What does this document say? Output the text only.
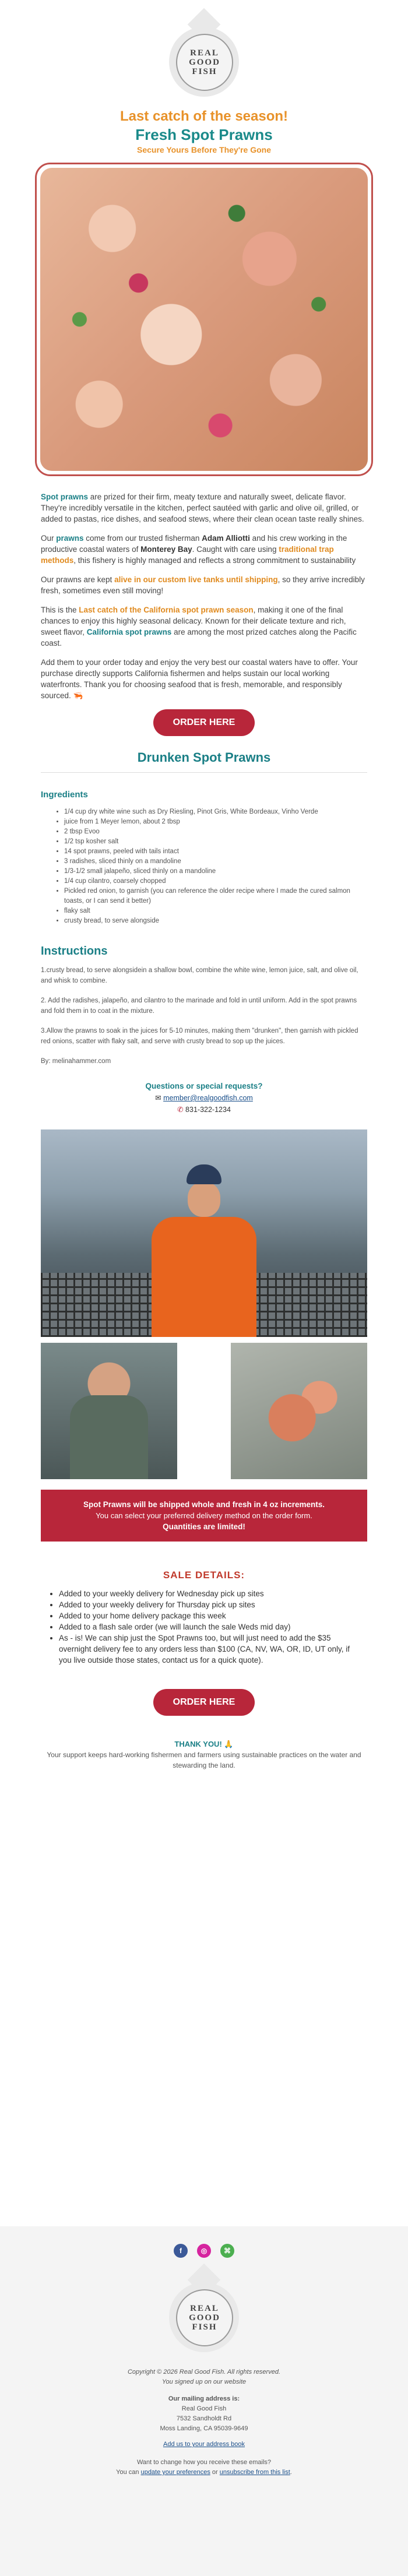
REAL
GOOD
FISH
Last catch of the season!
Fresh Spot Prawns
Secure Yours Before They're Gone

Spot prawns are prized for their firm, meaty texture and naturally sweet, delicate flavor. They're incredibly versatile in the kitchen, perfect sautéed with garlic and olive oil, grilled, or added to pastas, rice dishes, and seafood stews, where their clean ocean taste really shines.

Our prawns come from our trusted fisherman Adam Alliotti and his crew working in the productive coastal waters of Monterey Bay. Caught with care using traditional trap methods, this fishery is highly managed and reflects a strong commitment to sustainability

Our prawns are kept alive in our custom live tanks until shipping, so they arrive incredibly fresh, sometimes even still moving!

This is the Last catch of the California spot prawn season, making it one of the final chances to enjoy this highly seasonal delicacy. Known for their delicate texture and rich, sweet flavor, California spot prawns are among the most prized catches along the Pacific coast.

Add them to your order today and enjoy the very best our coastal waters have to offer. Your purchase directly supports California fishermen and helps sustain our local working waterfronts. Thank you for choosing seafood that is fresh, memorable, and responsibly sourced. 🦐

ORDER HERE
Drunken Spot Prawns
Ingredients
• 1/4 cup dry white wine such as Dry Riesling, Pinot Gris, White Bordeaux, Vinho Verde
• juice from 1 Meyer lemon, about 2 tbsp
• 2 tbsp Evoo
• 1/2 tsp kosher salt
• 14 spot prawns, peeled with tails intact
• 3 radishes, sliced thinly on a mandoline
• 1/3-1/2 small jalapeño, sliced thinly on a mandoline
• 1/4 cup cilantro, coarsely chopped
• Pickled red onion, to garnish (you can reference the older recipe where I made the cured salmon toasts, or I can send it better)
• flaky salt
• crusty bread, to serve alongside
Instructions

1.crusty bread, to serve alongsidein a shallow bowl, combine the white wine, lemon juice, salt, and olive oil, and whisk to combine.

2. Add the radishes, jalapeño, and cilantro to the marinade and fold in until uniform. Add in the spot prawns and fold them in to coat in the mixture.

3.Allow the prawns to soak in the juices for 5-10 minutes, making them "drunken", then garnish with pickled red onions, scatter with flaky salt, and serve with crusty bread to sop up the juices.

By: melinahammer.com

Questions or special requests?
✉ member@realgoodfish.com
✆ 831-322-1234
Spot Prawns will be shipped whole and fresh in 4 oz increments.
You can select your preferred delivery method on the order form.
Quantities are limited!
SALE DETAILS:
• Added to your weekly delivery for Wednesday pick up sites
• Added to your weekly delivery for Thursday pick up sites
• Added to your home delivery package this week
• Added to a flash sale order (we will launch the sale Weds mid day)
• As - is! We can ship just the Spot Prawns too, but will just need to add the $35 overnight delivery fee to any orders less than $100 (CA, NV, WA, OR, ID, UT only, if you live outside those states, contact us for a quick quote).
ORDER HERE
THANK YOU! 🙏
Your support keeps hard-working fishermen and farmers using sustainable practices on the water and stewarding the land.
f	◎	⌘
REAL
GOOD
FISH
Copyright © 2026 Real Good Fish. All rights reserved.
You signed up on our website
Our mailing address is:
Real Good Fish
7532 Sandholdt Rd
Moss Landing, CA 95039-9649
Add us to your address book
Want to change how you receive these emails?
You can update your preferences or unsubscribe from this list.
